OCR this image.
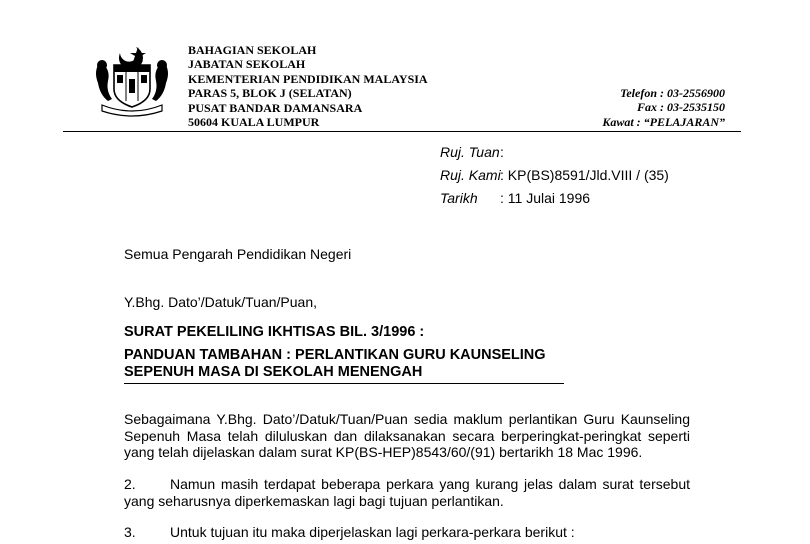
BAHAGIAN SEKOLAH
JABATAN SEKOLAH
KEMENTERIAN PENDIDIKAN MALAYSIA
PARAS 5, BLOK J (SELATAN)
PUSAT BANDAR DAMANSARA
50604 KUALA LUMPUR
Telefon : 03-2556900
Fax : 03-2535150
Kawat : “PELAJARAN”
Ruj. Tuan:
Ruj. Kami: KP(BS)8591/Jld.VIII / (35)
Tarikh : 11 Julai 1996
Semua Pengarah Pendidikan Negeri
Y.Bhg. Dato’/Datuk/Tuan/Puan,
SURAT PEKELILING IKHTISAS BIL. 3/1996 :
PANDUAN TAMBAHAN : PERLANTIKAN GURU KAUNSELING
SEPENUH MASA DI SEKOLAH MENENGAH
Sebagaimana Y.Bhg. Dato’/Datuk/Tuan/Puan sedia maklum perlantikan Guru Kaunseling Sepenuh Masa telah diluluskan dan dilaksanakan secara berperingkat-peringkat seperti yang telah dijelaskan dalam surat KP(BS-HEP)8543/60/(91) bertarikh 18 Mac 1996.
2.	Namun masih terdapat beberapa perkara yang kurang jelas dalam surat tersebut yang seharusnya diperkemaskan lagi bagi tujuan perlantikan.
3.	Untuk tujuan itu maka diperjelaskan lagi perkara-perkara berikut :
